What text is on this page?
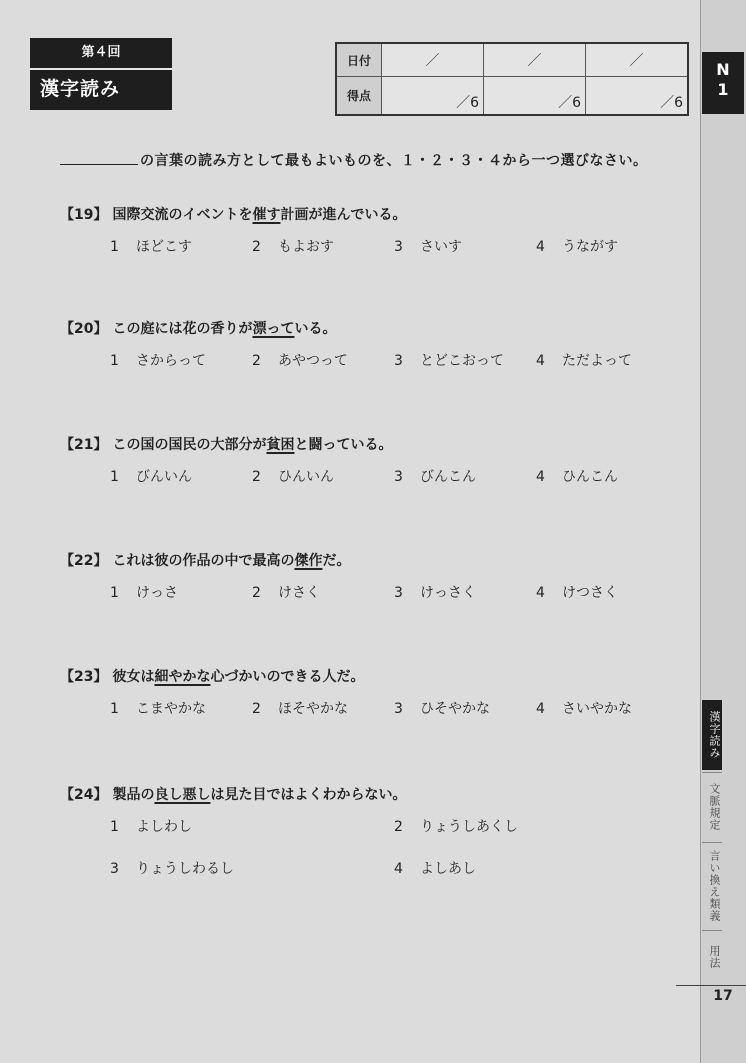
第４回
漢字読み
日付	／	／	／
得点	／6	／6	／6
の言葉の読み方として最もよいものを、１・２・３・４から一つ選びなさい。
【19】 国際交流のイベントを催す計画が進んでいる。
1 ほどこす	2 もよおす	3 さいす	4 うながす
【20】 この庭には花の香りが漂っている。
1 さからって	2 あやつって	3 とどこおって 4 ただよって
【21】 この国の国民の大部分が貧困と闘っている。
1 びんいん	2 ひんいん	3 びんこん	4 ひんこん
【22】 これは彼の作品の中で最高の傑作だ。
1 けっさ	2 けさく	3 けっさく	4 けつさく
【23】 彼女は細やかな心づかいのできる人だ。
1 こまやかな	2 ほそやかな	3 ひそやかな	4 さいやかな
【24】 製品の良し悪しは見た目ではよくわからない。
1 よしわし	2 りょうしあくし
3 りょうしわるし	4 よしあし
N
1
漢字読み
文脈規定
言い換え類義
用法
17
